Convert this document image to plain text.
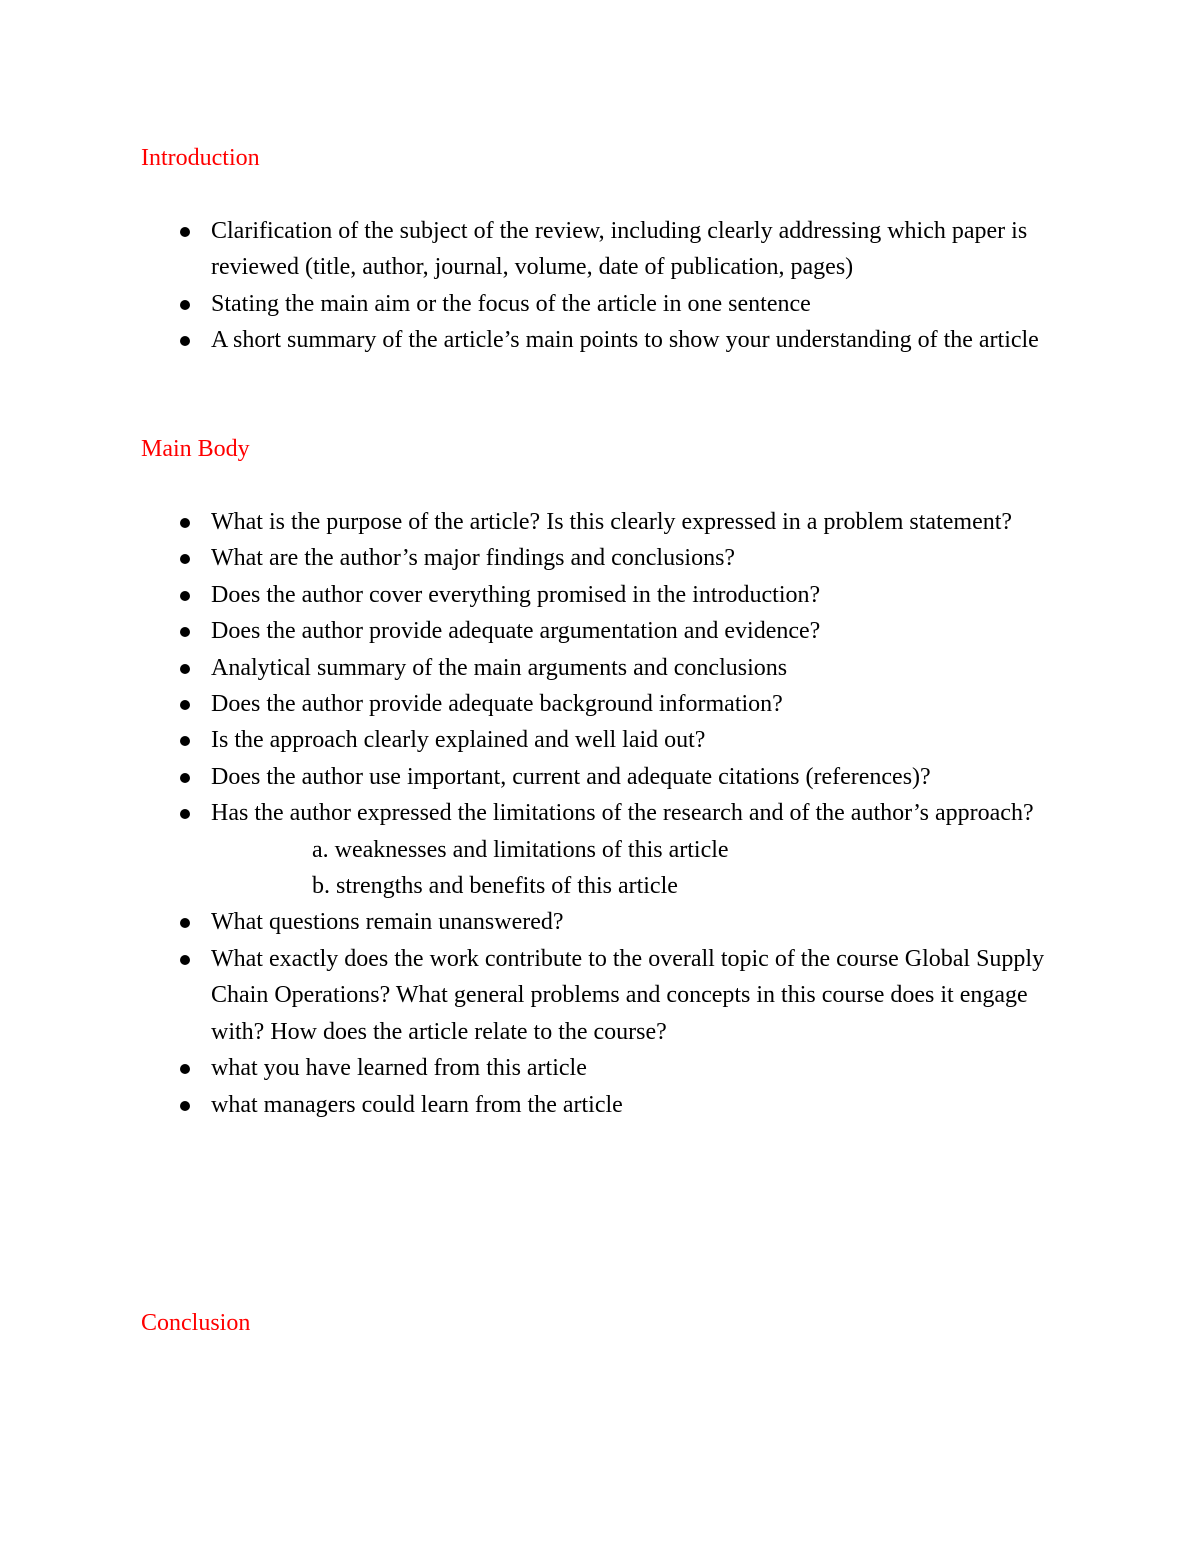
Introduction
Clarification of the subject of the review, including clearly addressing which paper is reviewed (title, author, journal, volume, date of publication, pages)
Stating the main aim or the focus of the article in one sentence
A short summary of the article’s main points to show your understanding of the article
Main Body
What is the purpose of the article? Is this clearly expressed in a problem statement?
What are the author’s major findings and conclusions?
Does the author cover everything promised in the introduction?
Does the author provide adequate argumentation and evidence?
Analytical summary of the main arguments and conclusions
Does the author provide adequate background information?
Is the approach clearly explained and well laid out?
Does the author use important, current and adequate citations (references)?
Has the author expressed the limitations of the research and of the author’s approach?
a. weaknesses and limitations of this article
b. strengths and benefits of this article
What questions remain unanswered?
What exactly does the work contribute to the overall topic of the course Global Supply Chain Operations? What general problems and concepts in this course does it engage with? How does the article relate to the course?
what you have learned from this article
what managers could learn from the article
Conclusion
